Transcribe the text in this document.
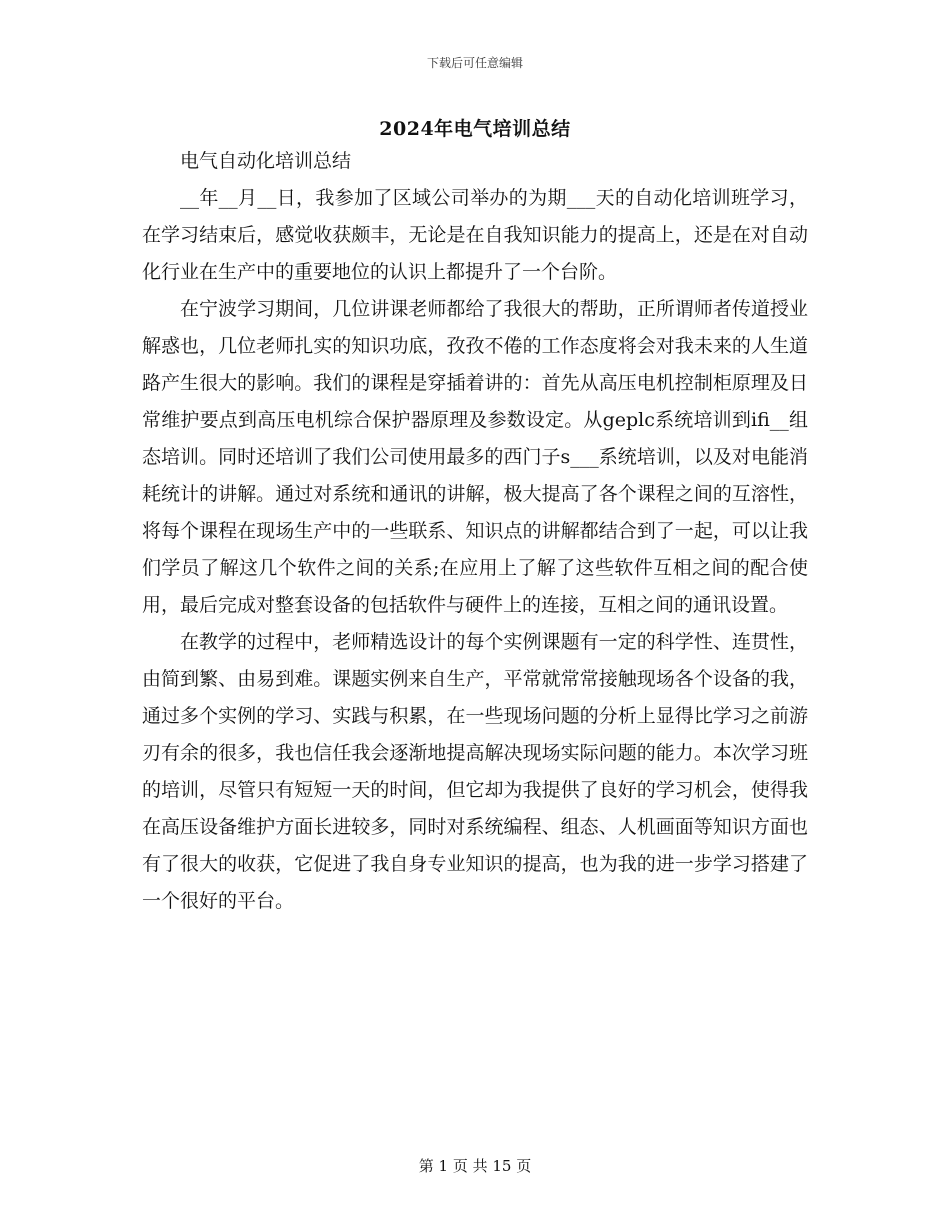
下载后可任意编辑
2024年电气培训总结

电气自动化培训总结

__年__月__日，我参加了区域公司举办的为期___天的自动化培训班学习，在学习结束后，感觉收获颇丰，无论是在自我知识能力的提高上，还是在对自动化行业在生产中的重要地位的认识上都提升了一个台阶。

在宁波学习期间，几位讲课老师都给了我很大的帮助，正所谓师者传道授业解惑也，几位老师扎实的知识功底，孜孜不倦的工作态度将会对我未来的人生道路产生很大的影响。我们的课程是穿插着讲的：首先从高压电机控制柜原理及日常维护要点到高压电机综合保护器原理及参数设定。从geplc系统培训到ifi__组态培训。同时还培训了我们公司使用最多的西门子s___系统培训，以及对电能消耗统计的讲解。通过对系统和通讯的讲解，极大提高了各个课程之间的互溶性，将每个课程在现场生产中的一些联系、知识点的讲解都结合到了一起，可以让我们学员了解这几个软件之间的关系;在应用上了解了这些软件互相之间的配合使用，最后完成对整套设备的包括软件与硬件上的连接，互相之间的通讯设置。

在教学的过程中，老师精选设计的每个实例课题有一定的科学性、连贯性，由简到繁、由易到难。课题实例来自生产，平常就常常接触现场各个设备的我，通过多个实例的学习、实践与积累，在一些现场问题的分析上显得比学习之前游刃有余的很多，我也信任我会逐渐地提高解决现场实际问题的能力。本次学习班的培训，尽管只有短短一天的时间，但它却为我提供了良好的学习机会，使得我在高压设备维护方面长进较多，同时对系统编程、组态、人机画面等知识方面也有了很大的收获，它促进了我自身专业知识的提高，也为我的进一步学习搭建了一个很好的平台。

第 1 页 共 15 页
